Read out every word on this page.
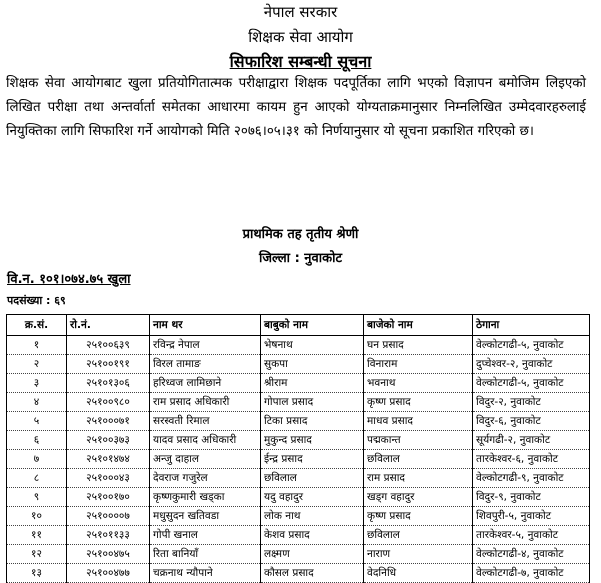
नेपाल सरकार
शिक्षक सेवा आयोग
सिफारिश सम्बन्धी सूचना

शिक्षक सेवा आयोगबाट खुला प्रतियोगितात्मक परीक्षाद्वारा शिक्षक पदपूर्तिका लागि भएको विज्ञापन बमोजिम लिइएको लिखित परीक्षा तथा अन्तर्वार्ता समेतका आधारमा कायम हुन आएको योग्यताक्रमानुसार निम्नलिखित उम्मेदवारहरुलाई नियुक्तिका लागि सिफारिश गर्ने आयोगको मिति २०७६।०५।३१ को निर्णयानुसार यो सूचना प्रकाशित गरिएको छ।

प्राथमिक तह तृतीय श्रेणी
जिल्ला : नुवाकोट
वि.न. १०१।०७४.७५ खुला
पदसंख्या : ६९
क्र.सं.	रो.नं.	नाम थर	बाबुको नाम	बाजेको नाम	ठेगाना
१	२५१००६३९	रविन्द्र नेपाल	भेषनाथ	घन प्रसाद	वेल्कोटगढी-५, नुवाकोट
२	२५१००१९१	विरल तामाङ	सुकपा	विनाराम	दुप्चेश्वर-२, नुवाकोट
३	२५१०१३०६	हरिध्वज लामिछाने	श्रीराम	भवनाथ	वेल्कोटगढी-५, नुवाकोट
४	२५१००९८०	राम प्रसाद अधिकारी	गोपाल प्रसाद	कृष्ण प्रसाद	विदुर-२, नुवाकोट
५	२५१०००७१	सरस्वती रिमाल	टिका प्रसाद	माधव प्रसाद	विदुर-६, नुवाकोट
६	२५१००३७३	यादव प्रसाद अधिकारी	मुकुन्द प्रसाद	पद्मकान्त	सूर्यगढी-२, नुवाकोट
७	२५१०१४७४	अन्जु दाहाल	ईन्द्र प्रसाद	छविलाल	तारकेश्वर-६, नुवाकोट
८	२५१०००४३	देवराज गजुरेल	छविलाल	राम प्रसाद	वेल्कोटगढी-९, नुवाकोट
९	२५१००१७०	कृष्णकुमारी खड्का	यदु वहादुर	खड्ग वहादुर	विदुर-९, नुवाकोट
१०	२५१००००७	मधुसुदन खतिवडा	लोक नाथ	कृष्ण प्रसाद	शिवपुरी-५, नुवाकोट
११	२५१०११३३	गोपी खनाल	केशव प्रसाद	छविलाल	तारकेश्वर-५, नुवाकोट
१२	२५१००४७५	रिता बानियाँ	लक्ष्मण	नाराण	वेल्कोटगढी-४, नुवाकोट
१३	२५१००४७७	चक्रनाथ न्यौपाने	कौसल प्रसाद	वेदनिधि	वेल्कोटगढी-७, नुवाकोट
